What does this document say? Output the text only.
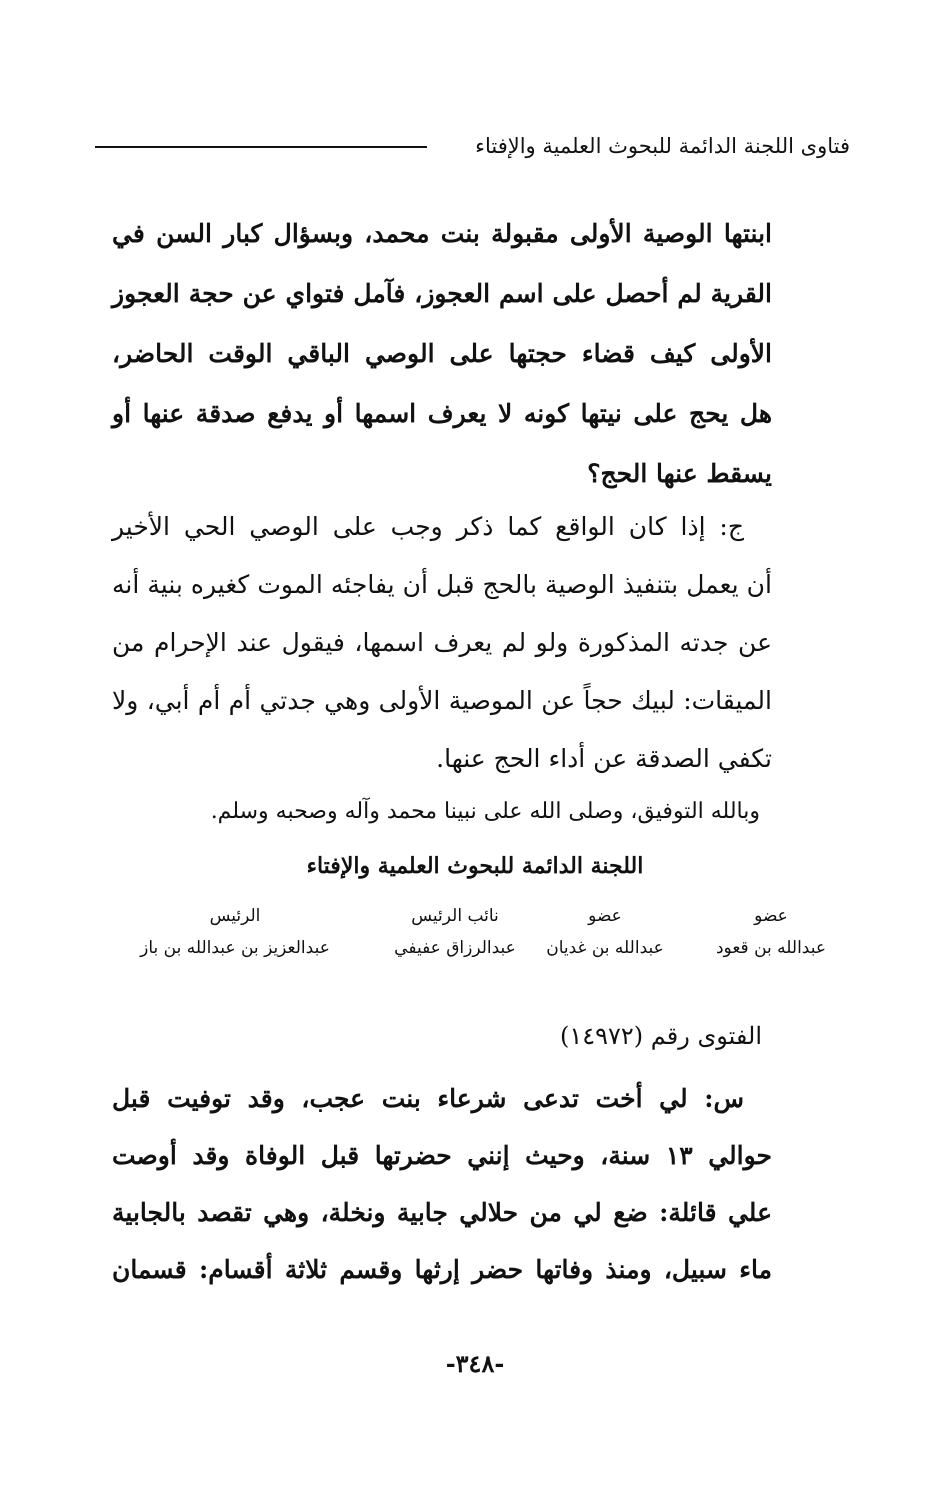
فتاوى اللجنة الدائمة للبحوث العلمية والإفتاء
ابنتها الوصية الأولى مقبولة بنت محمد، وبسؤال كبار السن في
القرية لم أحصل على اسم العجوز، فآمل فتواي عن حجة العجوز
الأولى كيف قضاء حجتها على الوصي الباقي الوقت الحاضر،
هل يحج على نيتها كونه لا يعرف اسمها أو يدفع صدقة عنها أو
يسقط عنها الحج؟
ج: إذا كان الواقع كما ذكر وجب على الوصي الحي الأخير
أن يعمل بتنفيذ الوصية بالحج قبل أن يفاجئه الموت كغيره بنية أنه
عن جدته المذكورة ولو لم يعرف اسمها، فيقول عند الإحرام من
الميقات: لبيك حجاً عن الموصية الأولى وهي جدتي أم أم أبي، ولا
تكفي الصدقة عن أداء الحج عنها.
وبالله التوفيق، وصلى الله على نبينا محمد وآله وصحبه وسلم.
اللجنة الدائمة للبحوث العلمية والإفتاء
عضو
عبدالله بن قعود
عضو
عبدالله بن غديان
نائب الرئيس
عبدالرزاق عفيفي
الرئيس
عبدالعزيز بن عبدالله بن باز
الفتوى رقم (١٤٩٧٢)
س: لي أخت تدعى شرعاء بنت عجب، وقد توفيت قبل
حوالي ١٣ سنة، وحيث إنني حضرتها قبل الوفاة وقد أوصت
علي قائلة: ضع لي من حلالي جابية ونخلة، وهي تقصد بالجابية
ماء سبيل، ومنذ وفاتها حضر إرثها وقسم ثلاثة أقسام: قسمان
-٣٤٨-
